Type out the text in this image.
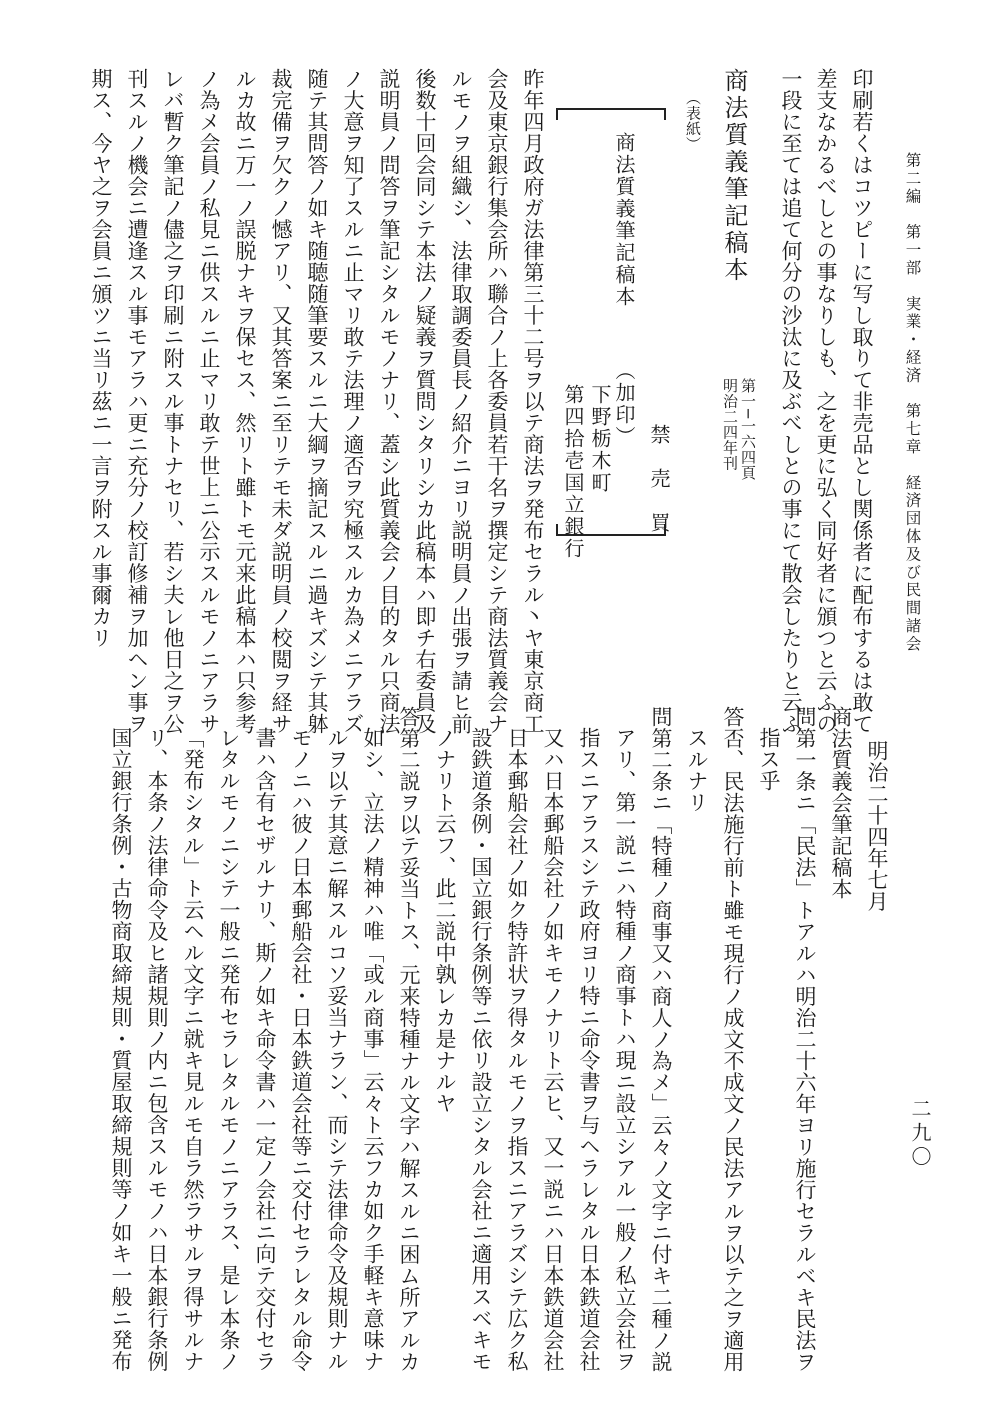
第二編　第一部　実業・経済　第七章　経済団体及び民間諸会
二九〇
印刷若くはコツピーに写し取りて非売品とし関係者に配布するは敢て
差支なかるべしとの事なりしも、之を更に弘く同好者に頒つと云ふの
一段に至ては追て何分の沙汰に及ぶべしとの事にて散会したりと云ふ
商法質義筆記稿本
第一─一六四頁
明治二四年刊
（表紙）
商法質義筆記稿本
禁　売　買
（加印）
下野栃木町
第四拾壱国立銀行
昨年四月政府ガ法律第三十二号ヲ以テ商法ヲ発布セラル丶ヤ東京商工
会及東京銀行集会所ハ聯合ノ上各委員若干名ヲ撰定シテ商法質義会ナ
ルモノヲ組織シ、法律取調委員長ノ紹介ニヨリ説明員ノ出張ヲ請ヒ前
後数十回会同シテ本法ノ疑義ヲ質問シタリシカ此稿本ハ即チ右委員及
説明員ノ問答ヲ筆記シタルモノナリ、蓋シ此質義会ノ目的タル只商法
ノ大意ヲ知了スルニ止マリ敢テ法理ノ適否ヲ究極スルカ為メニアラズ
随テ其問答ノ如キ随聴随筆要スルニ大綱ヲ摘記スルニ過キズシテ其躰
裁完備ヲ欠クノ憾アリ、又其答案ニ至リテモ未ダ説明員ノ校閲ヲ経サ
ルカ故ニ万一ノ誤脱ナキヲ保セス、然リト雖トモ元来此稿本ハ只参考
ノ為メ会員ノ私見ニ供スルニ止マリ敢テ世上ニ公示スルモノニアラサ
レバ暫ク筆記ノ儘之ヲ印刷ニ附スル事トナセリ、若シ夫レ他日之ヲ公
刊スルノ機会ニ遭逢スル事モアラハ更ニ充分ノ校訂修補ヲ加ヘン事ヲ
期ス、今ヤ之ヲ会員ニ頒ツニ当リ茲ニ一言ヲ附スル事爾カリ
明治二十四年七月
商法質義会筆記稿本
問第一条ニ「民法」トアルハ明治二十六年ヨリ施行セラルベキ民法ヲ
指ス乎
答否、民法施行前ト雖モ現行ノ成文不成文ノ民法アルヲ以テ之ヲ適用
スルナリ
問第二条ニ「特種ノ商事又ハ商人ノ為メ」云々ノ文字ニ付キ二種ノ説
アリ、第一説ニハ特種ノ商事トハ現ニ設立シアル一般ノ私立会社ヲ
指スニアラスシテ政府ヨリ特ニ命令書ヲ与ヘラレタル日本鉄道会社
又ハ日本郵船会社ノ如キモノナリト云ヒ、又一説ニハ日本鉄道会社
日本郵船会社ノ如ク特許状ヲ得タルモノヲ指スニアラズシテ広ク私
設鉄道条例・国立銀行条例等ニ依リ設立シタル会社ニ適用スベキモ
ノナリト云フ、此二説中孰レカ是ナルヤ
答第二説ヲ以テ妥当トス、元来特種ナル文字ハ解スルニ困ム所アルカ
如シ、立法ノ精神ハ唯「或ル商事」云々ト云フカ如ク手軽キ意味ナ
ルヲ以テ其意ニ解スルコソ妥当ナラン、而シテ法律命令及規則ナル
モノニハ彼ノ日本郵船会社・日本鉄道会社等ニ交付セラレタル命令
書ハ含有セザルナリ、斯ノ如キ命令書ハ一定ノ会社ニ向テ交付セラ
レタルモノニシテ一般ニ発布セラレタルモノニアラス、是レ本条ノ
「発布シタル」ト云ヘル文字ニ就キ見ルモ自ラ然ラサルヲ得サルナ
リ、本条ノ法律命令及ヒ諸規則ノ内ニ包含スルモノハ日本銀行条例
国立銀行条例・古物商取締規則・質屋取締規則等ノ如キ一般ニ発布
